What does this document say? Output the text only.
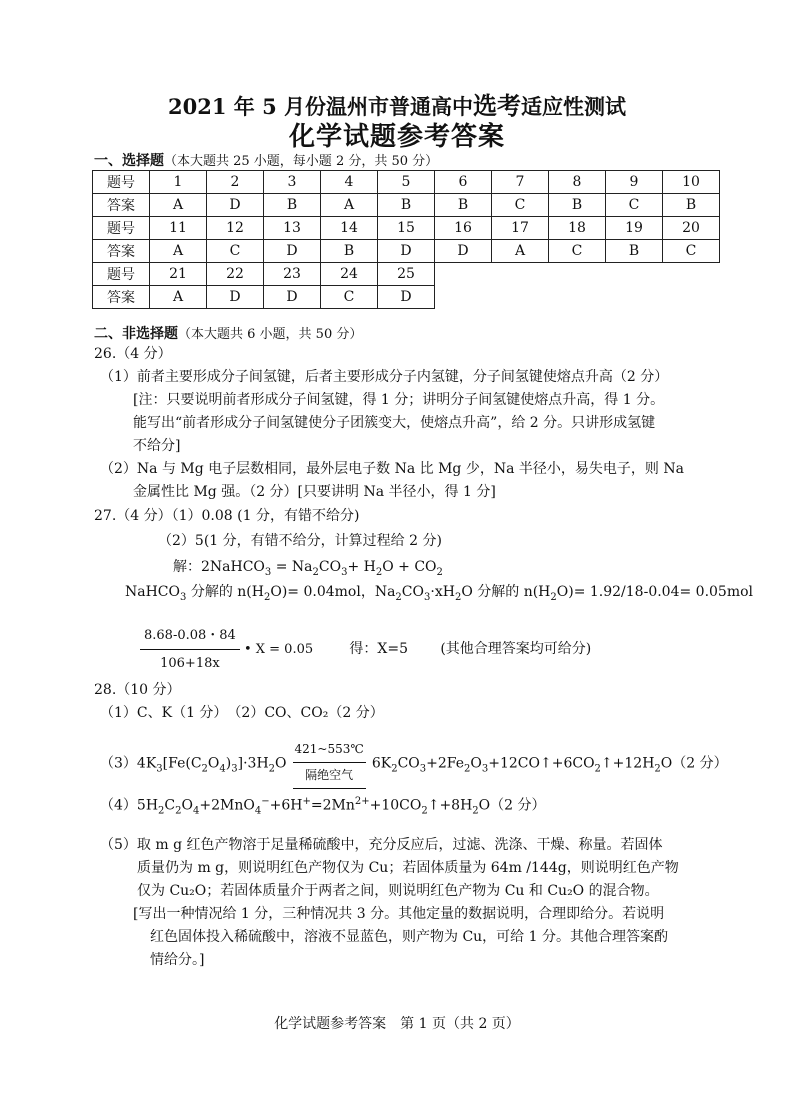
2021 年 5 月份温州市普通高中选考适应性测试
化学试题参考答案
一、选择题（本大题共 25 小题，每小题 2 分，共 50 分）
题号	1	2	3	4	5	6	7	8	9	10
答案	A	D	B	A	B	B	C	B	C	B
题号	11	12	13	14	15	16	17	18	19	20
答案	A	C	D	B	D	D	A	C	B	C
题号	21	22	23	24	25
答案	A	D	D	C	D
二、非选择题（本大题共 6 小题，共 50 分）
26.（4 分）
（1）前者主要形成分子间氢键，后者主要形成分子内氢键，分子间氢键使熔点升高（2 分）
[注：只要说明前者形成分子间氢键，得 1 分；讲明分子间氢键使熔点升高，得 1 分。
能写出“前者形成分子间氢键使分子团簇变大，使熔点升高”，给 2 分。只讲形成氢键
不给分]
（2）Na 与 Mg 电子层数相同，最外层电子数 Na 比 Mg 少，Na 半径小，易失电子，则 Na
金属性比 Mg 强。（2 分）[只要讲明 Na 半径小，得 1 分]
27.（4 分）（1）0.08 (1 分，有错不给分)
（2）5(1 分，有错不给分，计算过程给 2 分)
解：2NaHCO$_3$ = $Na_2CO_3+ H_2O + CO_2$
NaHCO$_3$ 分解的 $n(H_2O)= 0.04mol$，$Na_2CO_3\cdot xH_2O$ 分解的 $n(H_2O)= 1.92/18-0.04= 0.05mol$
$\frac{8.68-0.08・84}{106+18x}$ • X = 0.05	得：X=5 (其他合理答案均可给分)
28.（10 分）
（1）C、K（1 分）　（2）CO、CO₂（2 分）
$(3)4K_3[Fe(C_2O_4)_3]\cdot 3H_2O$
421~553℃
隔绝空气
$6K_2CO_3+2Fe_2O_3+12CO↑+6CO_2↑+12H_2O(2$ 分）
$(4)5H_2C_2O_4+2MnO_4^-+6H^+=2Mn^{2+}+10CO_2↑+8H_2O(2$ 分）
（5）取 m g 红色产物溶于足量稀硫酸中，充分反应后，过滤、洗涤、干燥、称量。若固体
质量仍为 m g，则说明红色产物仅为 Cu；若固体质量为 64m /144g，则说明红色产物
仅为 Cu₂O；若固体质量介于两者之间，则说明红色产物为 Cu 和 Cu₂O 的混合物。
[写出一种情况给 1 分，三种情况共 3 分。其他定量的数据说明，合理即给分。若说明
红色固体投入稀硫酸中，溶液不显蓝色，则产物为 Cu，可给 1 分。其他合理答案酌
情给分。]
化学试题参考答案　第 1 页（共 2 页）
